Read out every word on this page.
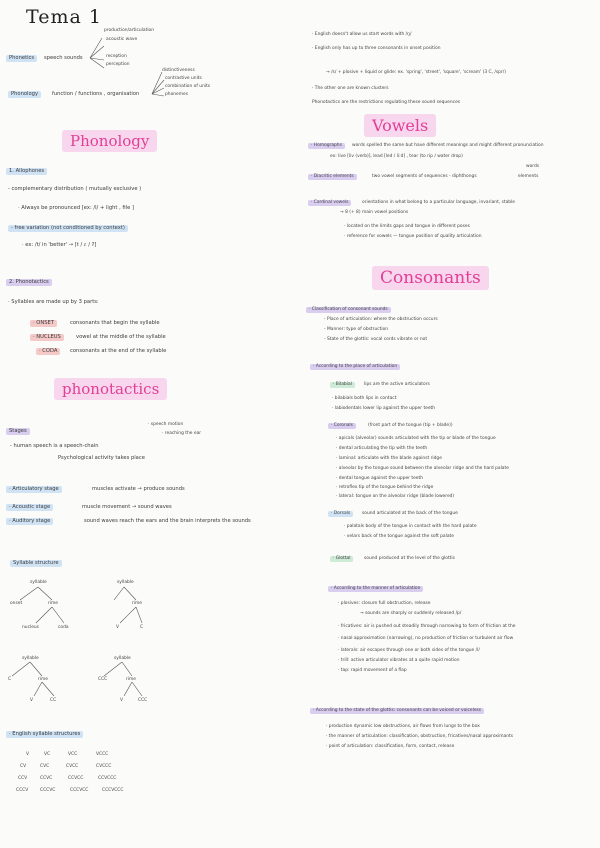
Tema 1
Phonetics	speech sounds
production/articulation
acoustic wave
reception
perception
Phonology	function / functions , organisation
distinctiveness
contrastive units
combination of units
phonemes
Phonology
1. Allophones
- complementary distribution ( mutually exclusive )
· Always be pronounced [ex: /l/ + light , file ]
- free variation (not conditioned by context)
· ex: /t/ in 'better' → [t / ɾ / ʔ]
2. Phonotactics
· Syllables are made up by 3 parts:
· ONSET	consonants that begin the syllable
· NUCLEUS	vowel at the middle of the syllable
· CODA	consonants at the end of the syllable
phonotactics
Stages
· speech motion
· reaching the ear
- human speech is a speech-chain
Psychological activity takes place
· Articulatory stage	muscles activate → produce sounds
· Acoustic stage	muscle movement → sound waves
· Auditory stage	sound waves reach the ears and the brain interprets the sounds
Syllable structure
syllable
onset	rime
nucleus	coda
syllable
rime
V	C
syllable
C	rime
V	CC
syllable
CCC	rime
V	CCC
· English syllable structures
V	VC	VCC	VCCC
CV	CVC	CVCC	CVCCC
CCV	CCVC	CCVCC	CCVCCC
CCCV	CCCVC	CCCVCC	CCCVCCC
· English doesn't allow us start words with /ŋ/
· English only has up to three consonants in onset position
→ /s/ + plosive + liquid or glide: ex. 'spring', 'street', 'square', 'scream' (3 C, /spr/)
· The other one are known clusters
Phonotactics are the restrictions regulating these sound sequences
Vowels
· Homographs	words spelled the same but have different meanings and might different pronunciation
ex: live [liv (verb)], lead [led / li:d] , tear (to rip / water drop)
words
· Diacritic elements	two vowel segments of sequences - diphthongs	elements
· Cardinal vowels	orientations in what belong to a particular language, invariant, stable
→ 8 (+ 8) main vowel positions
· located on the limits gaps and tongue in different poses
· reference for vowels — tongue position of quality articulation
Consonants
· Classification of consonant sounds
- Place of articulation: where the obstruction occurs
- Manner: type of obstruction
- State of the glottis: vocal cords vibrate or not
· According to the place of articulation
· Bilabial	lips are the active articulators
· bilabials both lips in contact
· labiodentals lower lip against the upper teeth
· Coronals	(front part of the tongue (tip + blade))
· apicals (alveolar) sounds articulated with the tip or blade of the tongue
· dental articulating the tip with the teeth
· laminal: articulate with the blade against ridge
· alveolar by the tongue sound between the alveolar ridge and the hard palate
· dental tongue against the upper teeth
· retroflex tip of the tongue behind the ridge
· lateral: tongue on the alveolar ridge (blade lowered)
· Dorsals	sound articulated at the back of the tongue
· palatals body of the tongue in contact with the hard palate
· velars back of the tongue against the soft palate
· Glottal	sound produced at the level of the glottis
· According to the manner of articulation
· plosives: closure full obstruction, release
→ sounds are sharply or suddenly released /p/
· fricatives: air is pushed out steadily through narrowing to form of friction at the
· nasal approximation (narrowing), no production of friction or turbulent air flow
· laterals: air escapes through one or both sides of the tongue /l/
· trill: active articulator vibrates at a quite rapid motion
· tap: rapid movement of a flap
· According to the state of the glottis: consonants can be voiced or voiceless
· production dynamic low obstructions, air flows from lungs to the box
· the manner of articulation: classification, obstruction, fricatives/nasal approximants
· point of articulation: classification, form, contact, release
